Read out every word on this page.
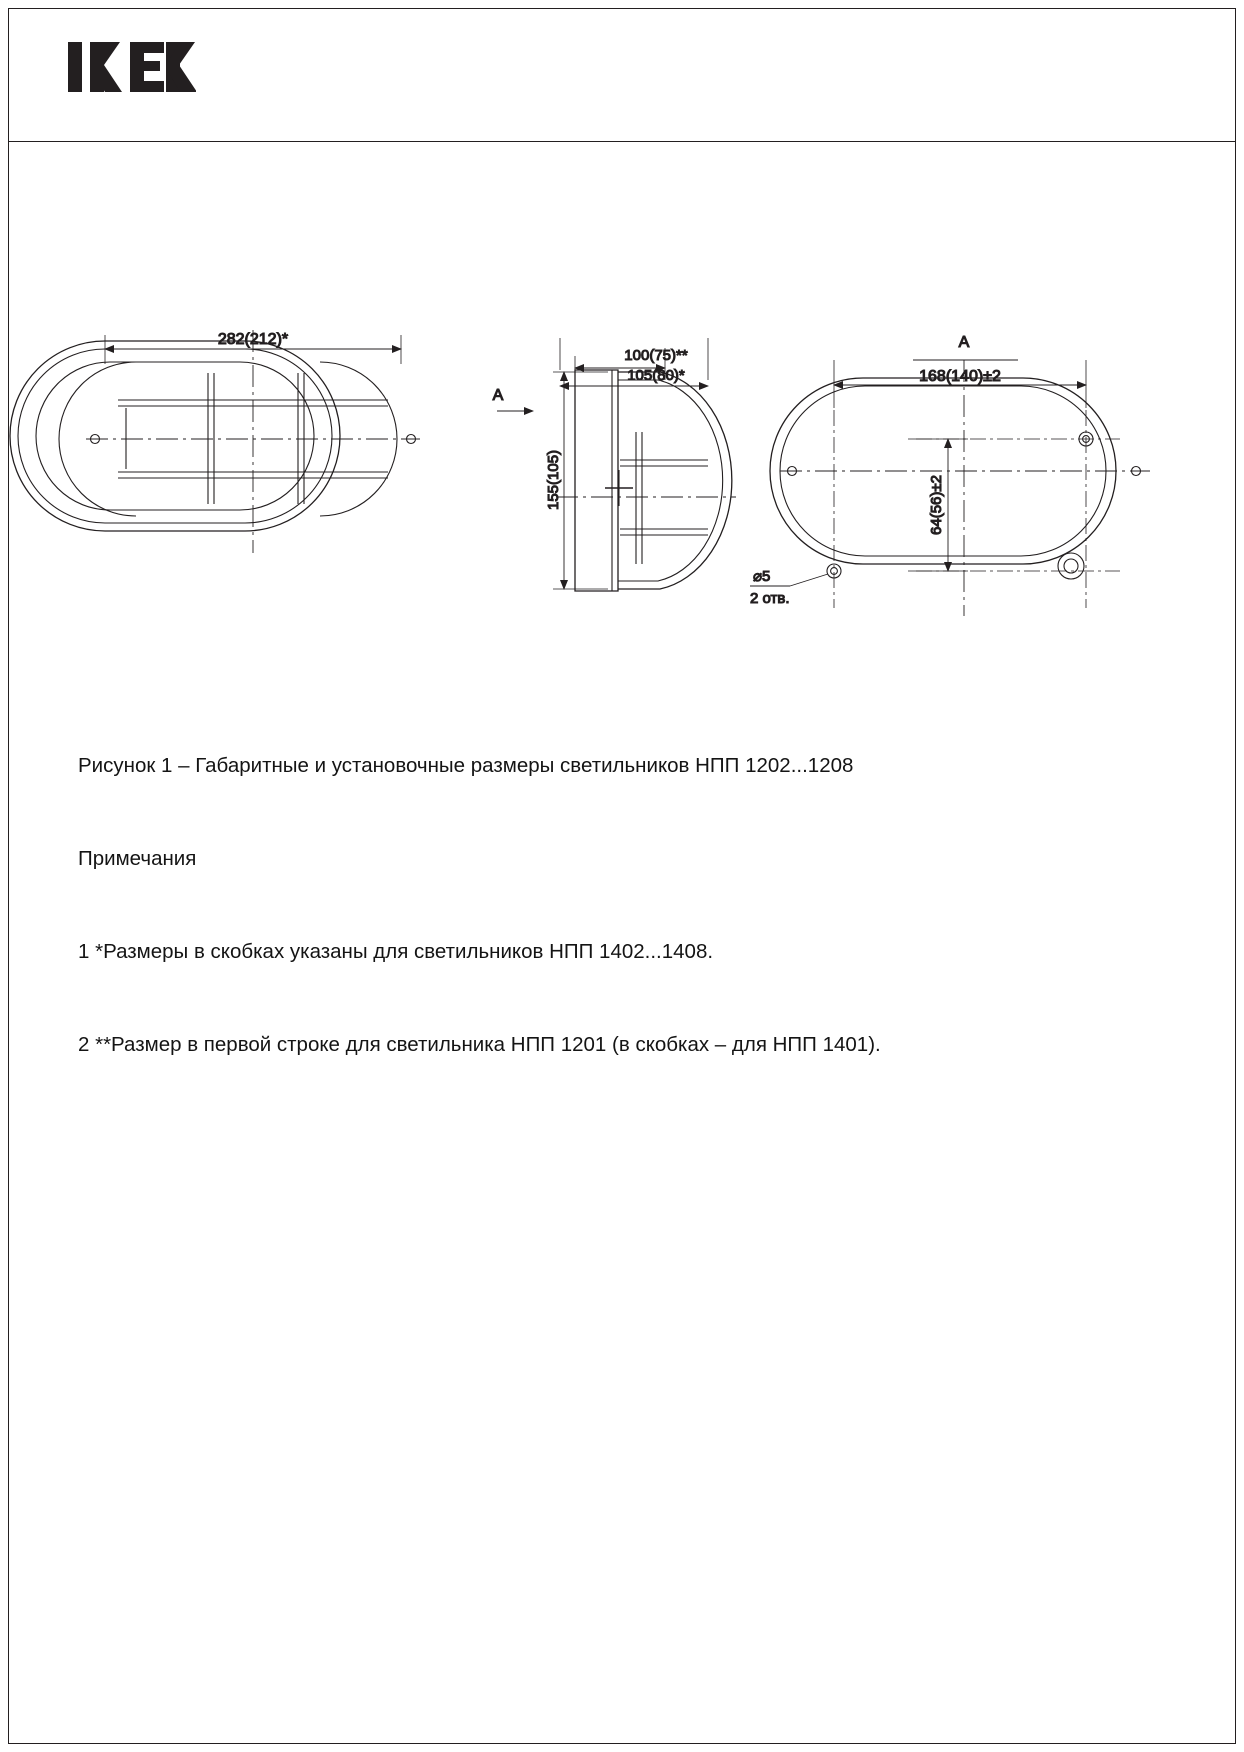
282(212)*
A
100(75)**
105(80)*
155(105)
A
168(140)±2
64(56)±2
⌀5
2 отв.

Рисунок 1 – Габаритные и установочные размеры светильников НПП 1202...1208

Примечания

1 *Размеры в скобках указаны для светильников НПП 1402...1408.

2 **Размер в первой строке для светильника НПП 1201 (в скобках – для НПП 1401).
